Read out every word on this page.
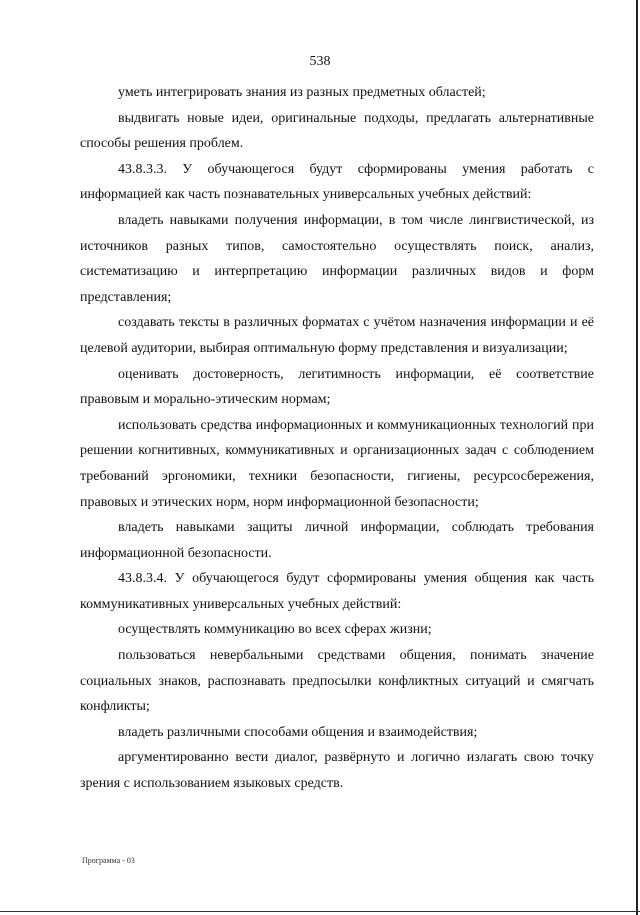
538

уметь интегрировать знания из разных предметных областей;

выдвигать новые идеи, оригинальные подходы, предлагать альтернативные способы решения проблем.

43.8.3.3. У обучающегося будут сформированы умения работать с информацией как часть познавательных универсальных учебных действий:

владеть навыками получения информации, в том числе лингвистической, из источников разных типов, самостоятельно осуществлять поиск, анализ, систематизацию и интерпретацию информации различных видов и форм представления;

создавать тексты в различных форматах с учётом назначения информации и её целевой аудитории, выбирая оптимальную форму представления и визуализации;

оценивать достоверность, легитимность информации, её соответствие правовым и морально-этическим нормам;

использовать средства информационных и коммуникационных технологий при решении когнитивных, коммуникативных и организационных задач с соблюдением требований эргономики, техники безопасности, гигиены, ресурсосбережения, правовых и этических норм, норм информационной безопасности;

владеть навыками защиты личной информации, соблюдать требования информационной безопасности.

43.8.3.4. У обучающегося будут сформированы умения общения как часть коммуникативных универсальных учебных действий:

осуществлять коммуникацию во всех сферах жизни;

пользоваться невербальными средствами общения, понимать значение социальных знаков, распознавать предпосылки конфликтных ситуаций и смягчать конфликты;

владеть различными способами общения и взаимодействия;

аргументированно вести диалог, развёрнуто и логично излагать свою точку зрения с использованием языковых средств.

Программа - 03
